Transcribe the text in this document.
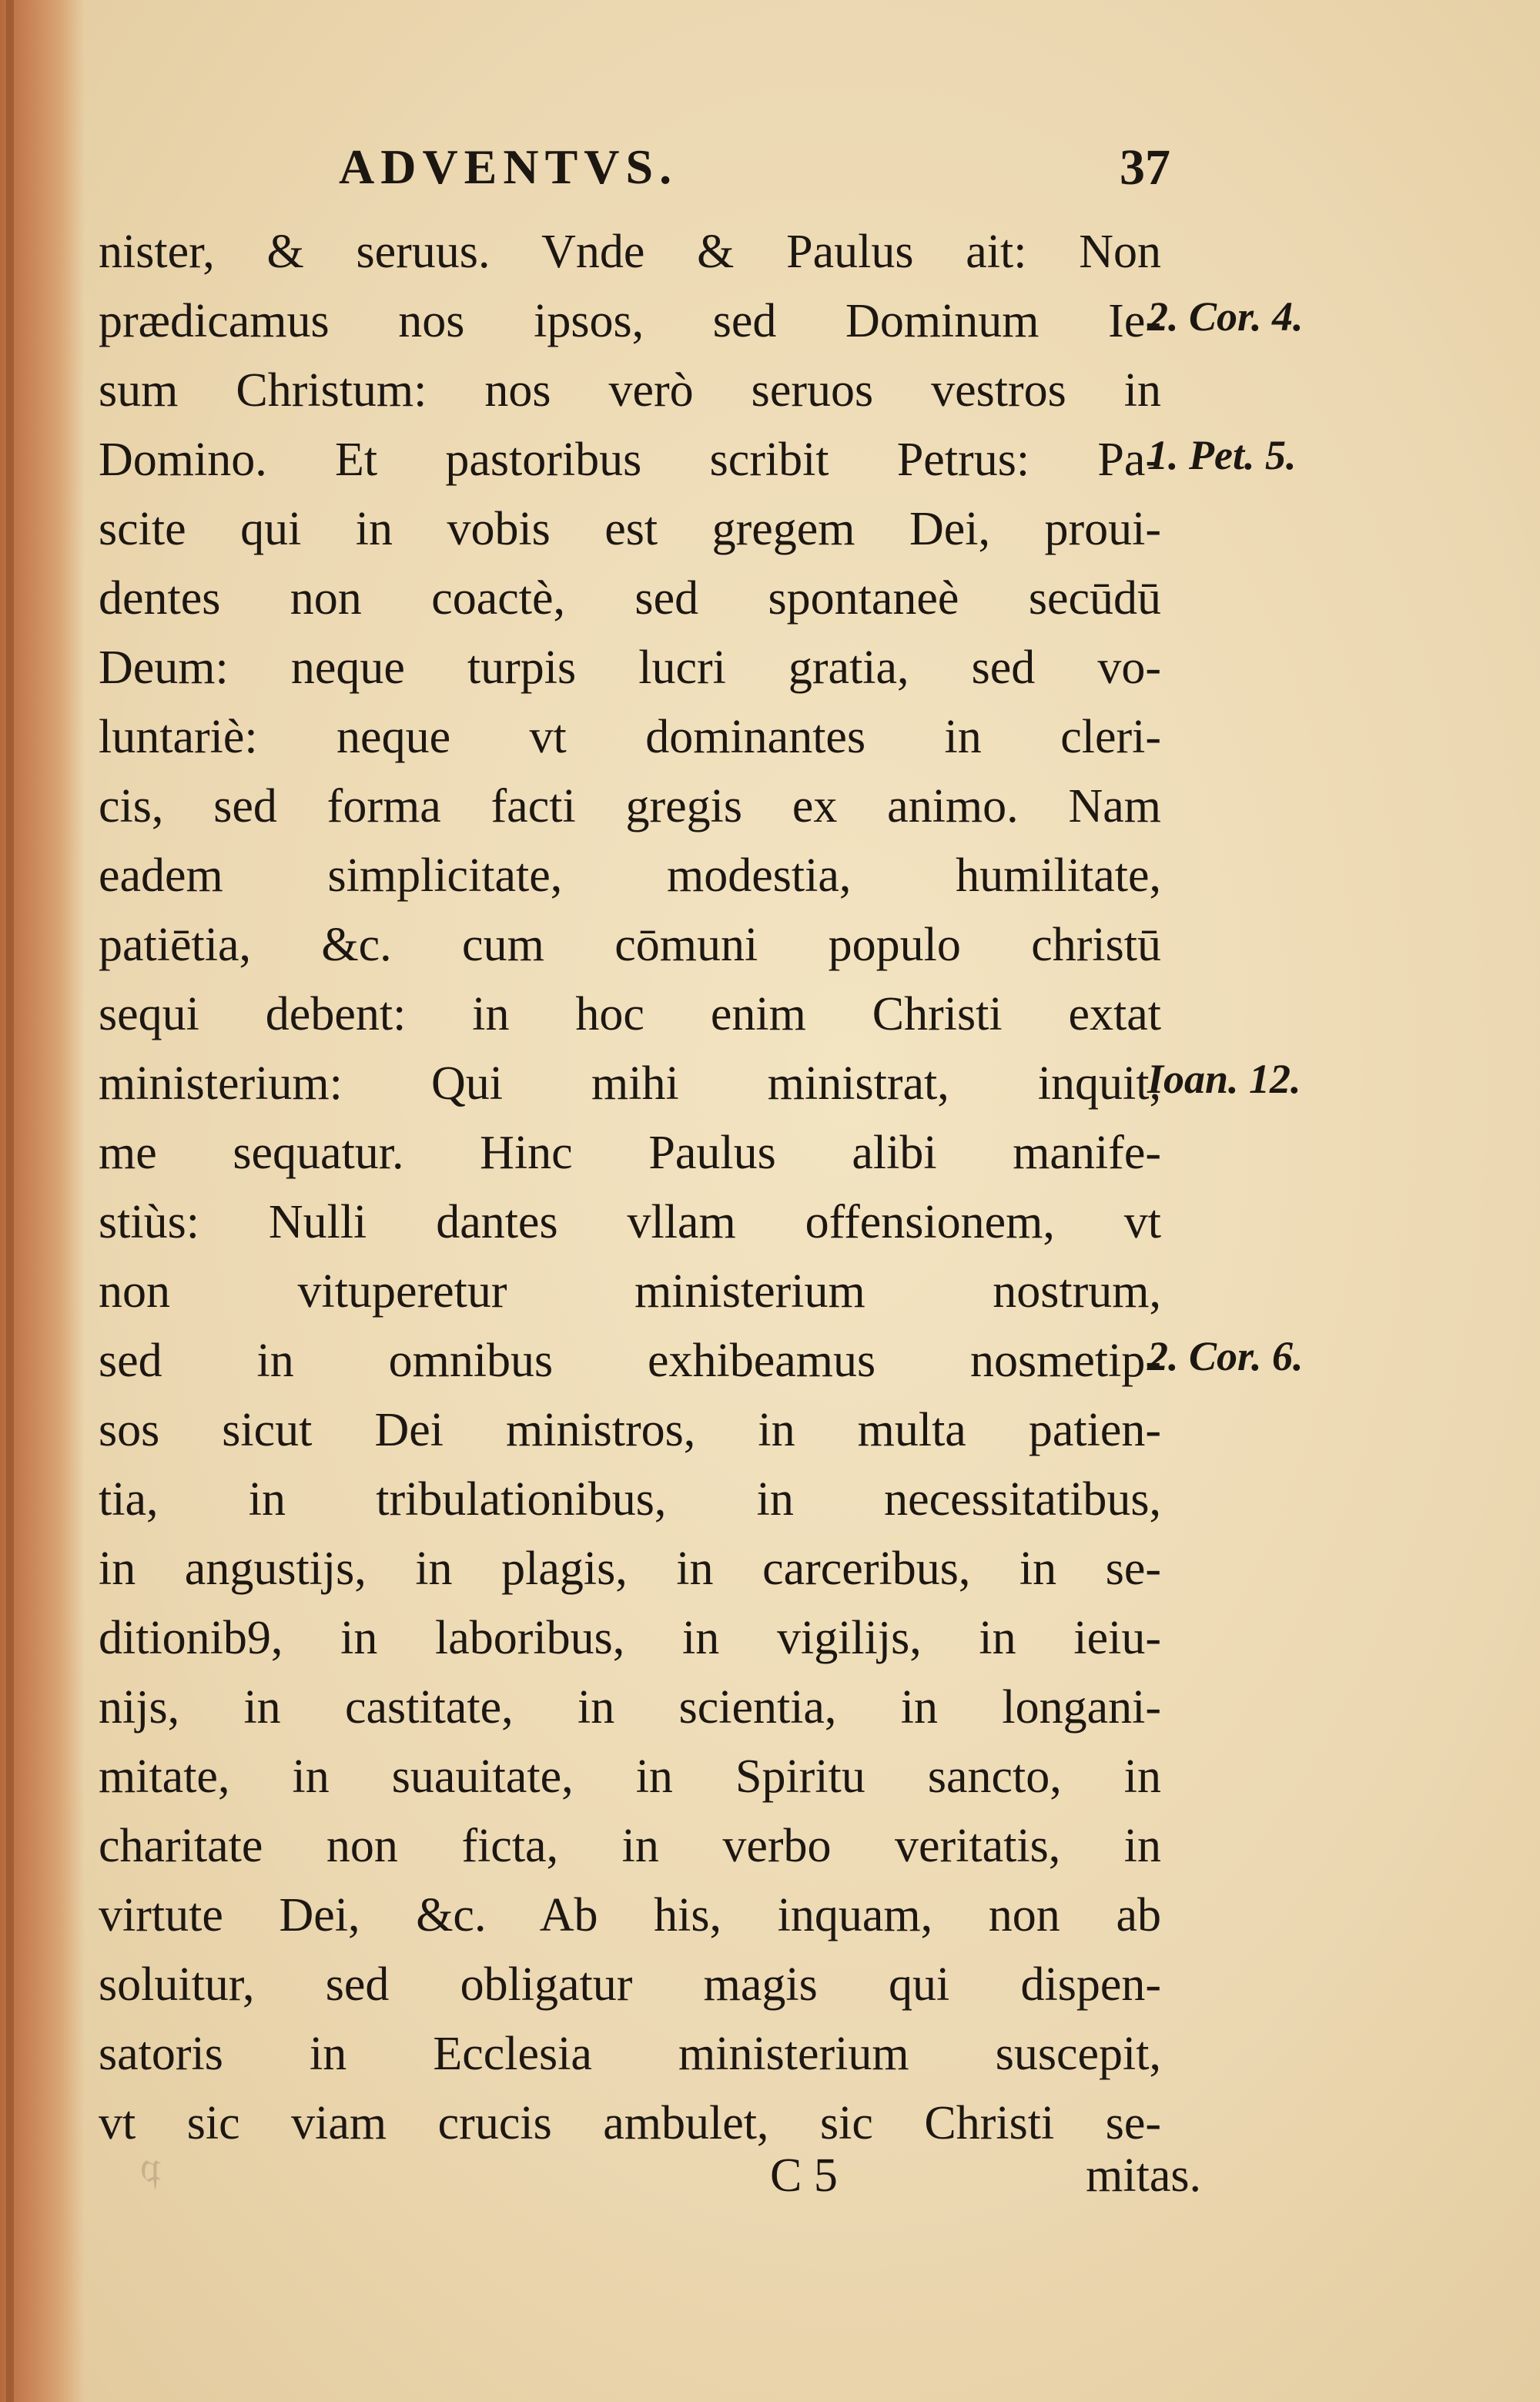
𝔭
ADVENTVS.	37
nister, & seruus. Vnde & Paulus ait: Non
prædicamus nos ipsos, sed Dominum Ie-
sum Christum: nos verò seruos vestros in
Domino. Et pastoribus scribit Petrus: Pa-
scite qui in vobis est gregem Dei, proui-
dentes non coactè, sed spontaneè secūdū
Deum: neque turpis lucri gratia, sed vo-
luntariè: neque vt dominantes in cleri-
cis, sed forma facti gregis ex animo. Nam
eadem simplicitate, modestia, humilitate,
patiētia, &c. cum cōmuni populo christū
sequi debent: in hoc enim Christi extat
ministerium: Qui mihi ministrat, inquit,
me sequatur. Hinc Paulus alibi manife-
stiùs: Nulli dantes vllam offensionem, vt
non vituperetur ministerium nostrum,
sed in omnibus exhibeamus nosmetip-
sos sicut Dei ministros, in multa patien-
tia, in tribulationibus, in necessitatibus,
in angustijs, in plagis, in carceribus, in se-
ditionib9, in laboribus, in vigilijs, in ieiu-
nijs, in castitate, in scientia, in longani-
mitate, in suauitate, in Spiritu sancto, in
charitate non ficta, in verbo veritatis, in
virtute Dei, &c. Ab his, inquam, non ab
soluitur, sed obligatur magis qui dispen-
satoris in Ecclesia ministerium suscepit,
vt sic viam crucis ambulet, sic Christi se-
2. Cor. 4.
1. Pet. 5.
Ioan. 12.
2. Cor. 6.
C 5	mitas.
